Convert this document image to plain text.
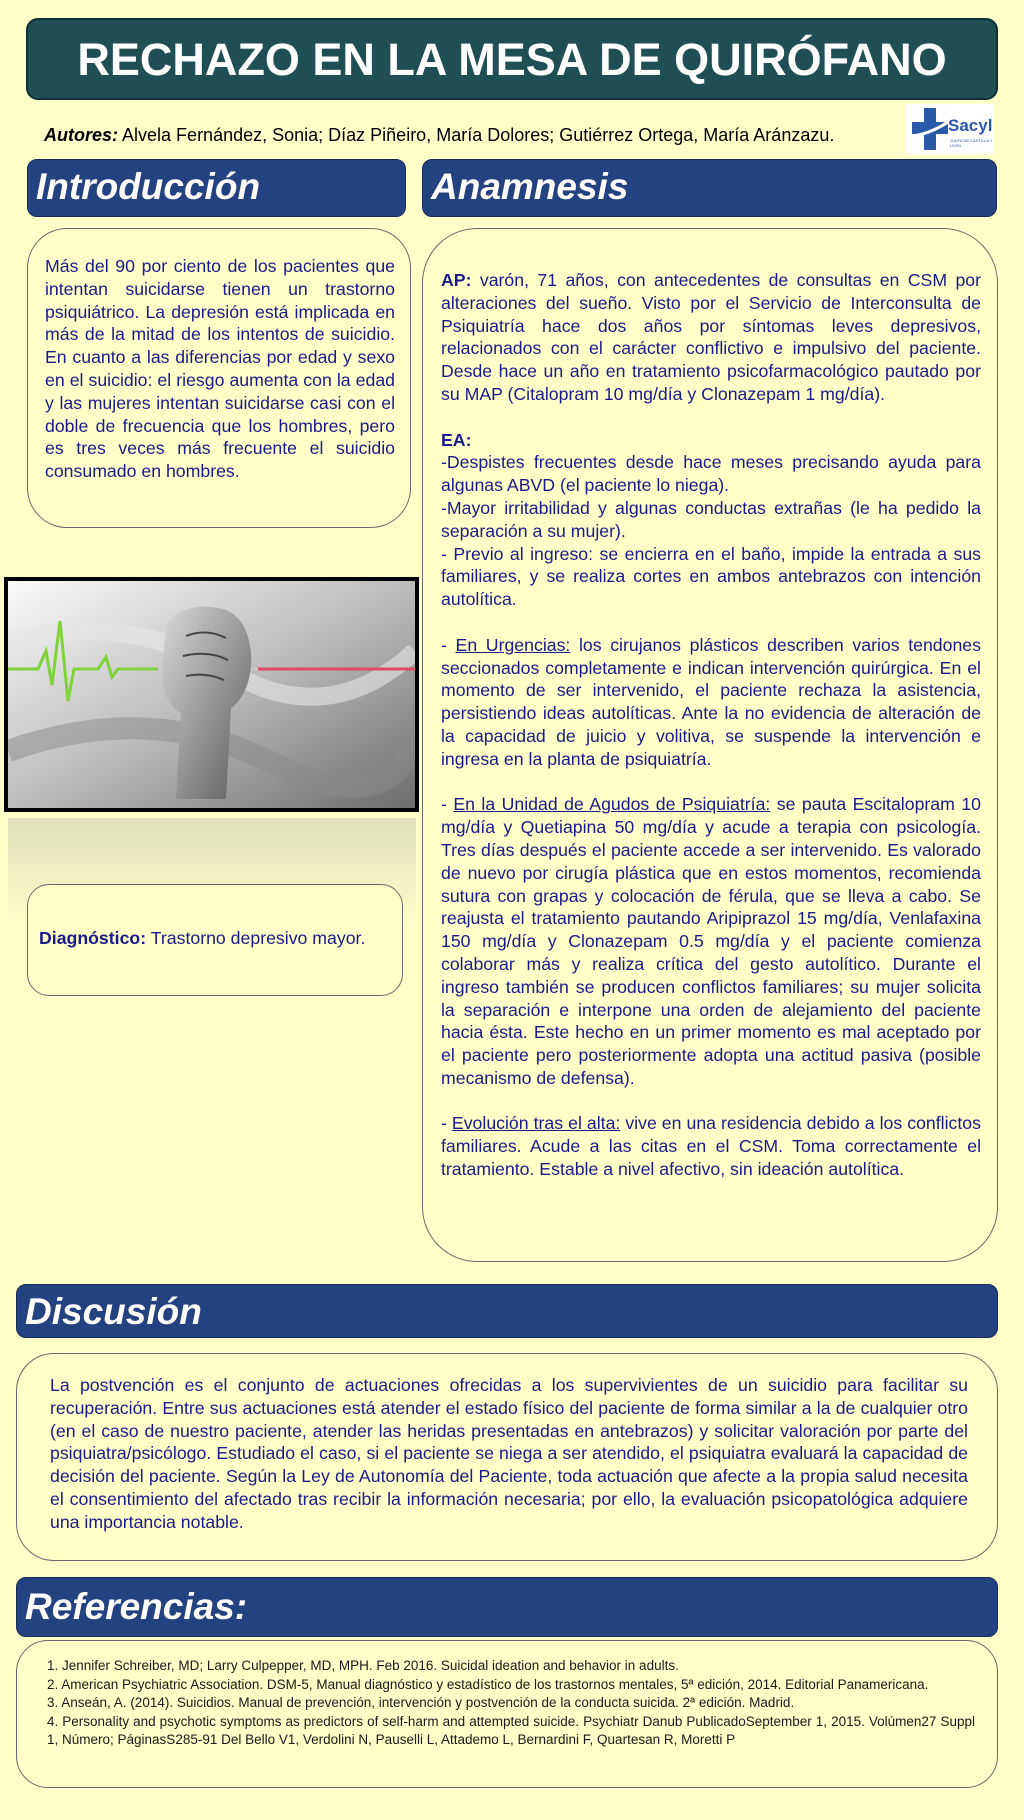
RECHAZO EN LA MESA DE QUIRÓFANO
Autores: Alvela Fernández, Sonia; Díaz Piñeiro, María Dolores; Gutiérrez Ortega, María Aránzazu.	Sacyl
JUNTA DE CASTILLA Y LEÓN
Introducción

Más del 90 por ciento de los pacientes que intentan suicidarse tienen un trastorno psiquiátrico. La depresión está implicada en más de la mitad de los intentos de suicidio. En cuanto a las diferencias por edad y sexo en el suicidio: el riesgo aumenta con la edad y las mujeres intentan suicidarse casi con el doble de frecuencia que los hombres, pero es tres veces más frecuente el suicidio consumado en hombres.

Diagnóstico: Trastorno depresivo mayor.

Anamnesis

AP: varón, 71 años, con antecedentes de consultas en CSM por alteraciones del sueño. Visto por el Servicio de Interconsulta de Psiquiatría hace dos años por síntomas leves depresivos, relacionados con el carácter conflictivo e impulsivo del paciente. Desde hace un año en tratamiento psicofarmacológico pautado por su MAP (Citalopram 10 mg/día y Clonazepam 1 mg/día).

EA:

-Despistes frecuentes desde hace meses precisando ayuda para algunas ABVD (el paciente lo niega).

-Mayor irritabilidad y algunas conductas extrañas (le ha pedido la separación a su mujer).

- Previo al ingreso: se encierra en el baño, impide la entrada a sus familiares, y se realiza cortes en ambos antebrazos con intención autolítica.

- En Urgencias: los cirujanos plásticos describen varios tendones seccionados completamente e indican intervención quirúrgica. En el momento de ser intervenido, el paciente rechaza la asistencia, persistiendo ideas autolíticas. Ante la no evidencia de alteración de la capacidad de juicio y volitiva, se suspende la intervención e ingresa en la planta de psiquiatría.

- En la Unidad de Agudos de Psiquiatría: se pauta Escitalopram 10 mg/día y Quetiapina 50 mg/día y acude a terapia con psicología. Tres días después el paciente accede a ser intervenido. Es valorado de nuevo por cirugía plástica que en estos momentos, recomienda sutura con grapas y colocación de férula, que se lleva a cabo. Se reajusta el tratamiento pautando Aripiprazol 15 mg/día, Venlafaxina 150 mg/día y Clonazepam 0.5 mg/día y el paciente comienza colaborar más y realiza crítica del gesto autolítico. Durante el ingreso también se producen conflictos familiares; su mujer solicita la separación e interpone una orden de alejamiento del paciente hacia ésta. Este hecho en un primer momento es mal aceptado por el paciente pero posteriormente adopta una actitud pasiva (posible mecanismo de defensa).

- Evolución tras el alta: vive en una residencia debido a los conflictos familiares. Acude a las citas en el CSM. Toma correctamente el tratamiento. Estable a nivel afectivo, sin ideación autolítica.

Discusión

La postvención es el conjunto de actuaciones ofrecidas a los supervivientes de un suicidio para facilitar su recuperación. Entre sus actuaciones está atender el estado físico del paciente de forma similar a la de cualquier otro (en el caso de nuestro paciente, atender las heridas presentadas en antebrazos) y solicitar valoración por parte del psiquiatra/psicólogo. Estudiado el caso, si el paciente se niega a ser atendido, el psiquiatra evaluará la capacidad de decisión del paciente. Según la Ley de Autonomía del Paciente, toda actuación que afecte a la propia salud necesita el consentimiento del afectado tras recibir la información necesaria; por ello, la evaluación psicopatológica adquiere una importancia notable.

Referencias:

1. Jennifer Schreiber, MD; Larry Culpepper, MD, MPH. Feb 2016. Suicidal ideation and behavior in adults.

2. American Psychiatric Association. DSM-5, Manual diagnóstico y estadístico de los trastornos mentales, 5ª edición, 2014. Editorial Panamericana.

3. Anseán, A. (2014). Suicidios. Manual de prevención, intervención y postvención de la conducta suicida. 2ª edición. Madrid.

4. Personality and psychotic symptoms as predictors of self-harm and attempted suicide. Psychiatr Danub PublicadoSeptember 1, 2015. Volúmen27 Suppl 1, Número; PáginasS285-91 Del Bello V1, Verdolini N, Pauselli L, Attademo L, Bernardini F, Quartesan R, Moretti P
